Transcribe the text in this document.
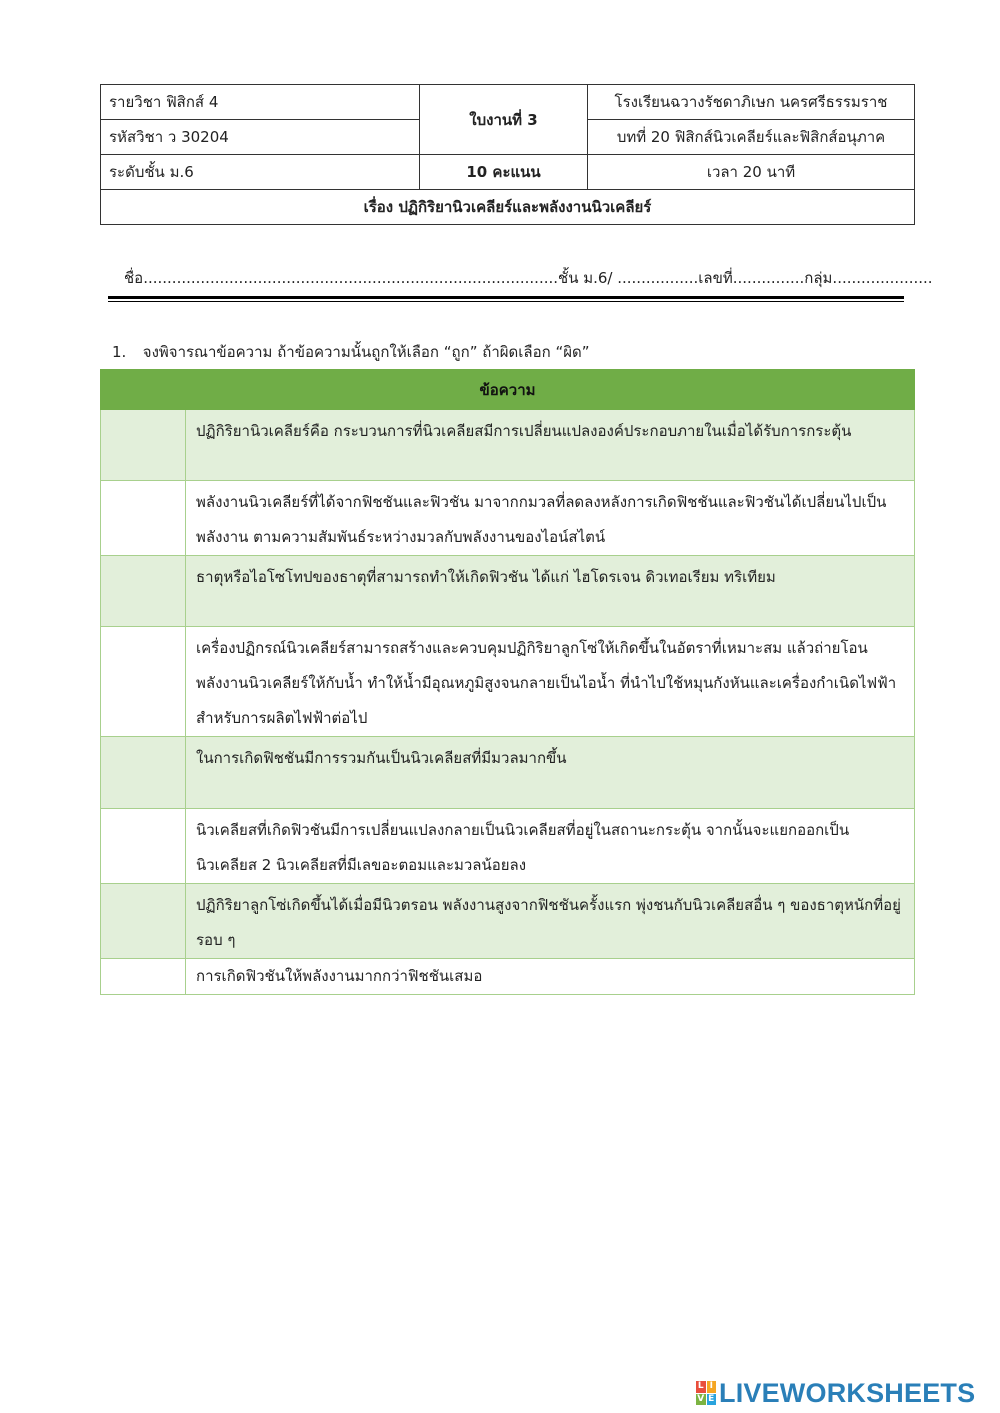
รายวิชา ฟิสิกส์ 4	ใบงานที่ 3	โรงเรียนฉวางรัชดาภิเษก นครศรีธรรมราช
รหัสวิชา ว 30204		บทที่ 20 ฟิสิกส์นิวเคลียร์และฟิสิกส์อนุภาค
ระดับชั้น ม.6	10 คะแนน	เวลา 20 นาที
เรื่อง ปฏิกิริยานิวเคลียร์และพลังงานนิวเคลียร์		
ชื่อ.......................................................................................ชั้น ม.6/ .................เลขที่...............กลุ่ม.....................
1. จงพิจารณาข้อความ ถ้าข้อความนั้นถูกให้เลือก “ถูก” ถ้าผิดเลือก “ผิด”
ข้อความ	
	ปฏิกิริยานิวเคลียร์คือ กระบวนการที่นิวเคลียสมีการเปลี่ยนแปลงองค์ประกอบภายในเมื่อได้รับการกระตุ้น
	พลังงานนิวเคลียร์ที่ได้จากฟิชชันและฟิวชัน มาจากกมวลที่ลดลงหลังการเกิดฟิชชันและฟิวชันได้เปลี่ยนไปเป็นพลังงาน ตามความสัมพันธ์ระหว่างมวลกับพลังงานของไอน์สไตน์
	ธาตุหรือไอโซโทปของธาตุที่สามารถทำให้เกิดฟิวชัน ได้แก่ ไฮโดรเจน ดิวเทอเรียม ทริเทียม
	เครื่องปฏิกรณ์นิวเคลียร์สามารถสร้างและควบคุมปฏิกิริยาลูกโซ่ให้เกิดขึ้นในอัตราที่เหมาะสม แล้วถ่ายโอนพลังงานนิวเคลียร์ให้กับน้ำ ทำให้น้ำมีอุณหภูมิสูงจนกลายเป็นไอน้ำ ที่นำไปใช้หมุนกังหันและเครื่องกำเนิดไฟฟ้าสำหรับการผลิตไฟฟ้าต่อไป
	ในการเกิดฟิชชันมีการรวมกันเป็นนิวเคลียสที่มีมวลมากขึ้น
	นิวเคลียสที่เกิดฟิวชันมีการเปลี่ยนแปลงกลายเป็นนิวเคลียสที่อยู่ในสถานะกระตุ้น จากนั้นจะแยกออกเป็นนิวเคลียส 2 นิวเคลียสที่มีเลขอะตอมและมวลน้อยลง
	ปฏิกิริยาลูกโซ่เกิดขึ้นได้เมื่อมีนิวตรอน พลังงานสูงจากฟิชชันครั้งแรก พุ่งชนกับนิวเคลียสอื่น ๆ ของธาตุหนักที่อยู่รอบ ๆ
	การเกิดฟิวชันให้พลังงานมากกว่าฟิชชันเสมอ
L I
V E LIVEWORKSHEETS
